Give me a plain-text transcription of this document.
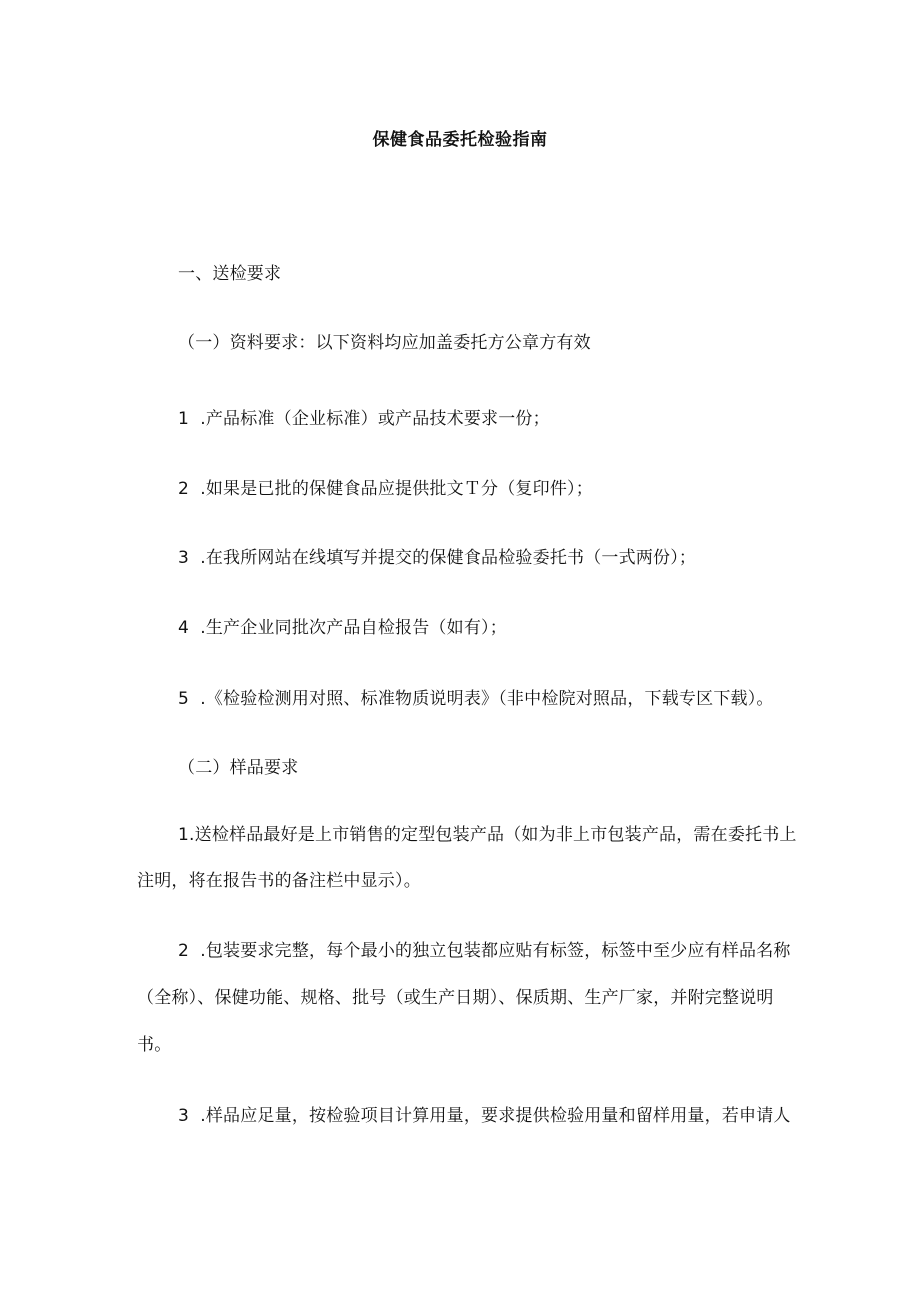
保健食品委托检验指南
一、送检要求
（一）资料要求：以下资料均应加盖委托方公章方有效
1  .产品标准（企业标准）或产品技术要求一份；
2  .如果是已批的保健食品应提供批文Ｔ分（复印件）；
3  .在我所网站在线填写并提交的保健食品检验委托书（一式两份）；
4  .生产企业同批次产品自检报告（如有）；
5  .《检验检测用对照、标准物质说明表》（非中检院对照品，下载专区下载）。
（二）样品要求
1.送检样品最好是上市销售的定型包装产品（如为非上市包装产品，需在委托书上
注明，将在报告书的备注栏中显示）。
2  .包装要求完整，每个最小的独立包装都应贴有标签，标签中至少应有样品名称
（全称）、保健功能、规格、批号（或生产日期）、保质期、生产厂家，并附完整说明
书。
3  .样品应足量，按检验项目计算用量，要求提供检验用量和留样用量，若申请人
